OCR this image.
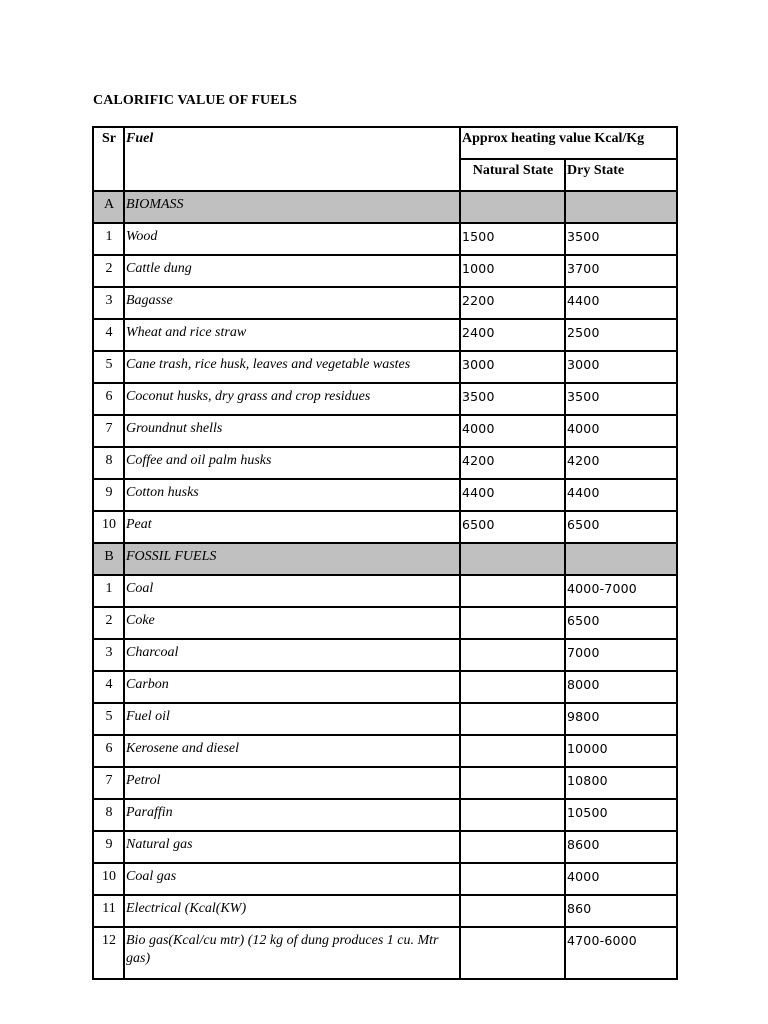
CALORIFIC VALUE OF FUELS
Sr	Fuel	Approx heating value Kcal/Kg	
		Natural State	Dry State
A	BIOMASS		
1	Wood	1500	3500
2	Cattle dung	1000	3700
3	Bagasse	2200	4400
4	Wheat and rice straw	2400	2500
5	Cane trash, rice husk, leaves and vegetable wastes	3000	3000
6	Coconut husks, dry grass and crop residues	3500	3500
7	Groundnut shells	4000	4000
8	Coffee and oil palm husks	4200	4200
9	Cotton husks	4400	4400
10	Peat	6500	6500
B	FOSSIL FUELS		
1	Coal		4000-7000
2	Coke		6500
3	Charcoal		7000
4	Carbon		8000
5	Fuel oil		9800
6	Kerosene and diesel		10000
7	Petrol		10800
8	Paraffin		10500
9	Natural gas		8600
10	Coal gas		4000
11	Electrical (Kcal(KW)		860
12	Bio gas(Kcal/cu mtr) (12 kg of dung produces 1 cu. Mtr gas)		4700-6000
